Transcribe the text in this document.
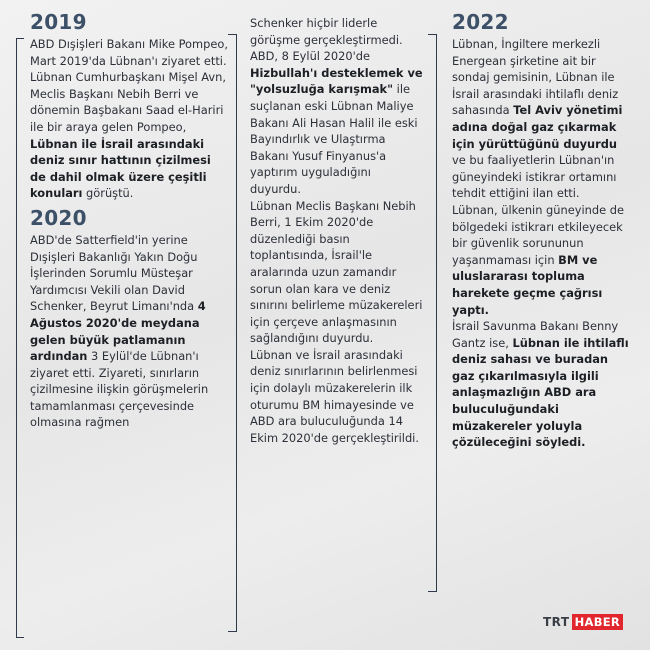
2019

ABD Dışişleri Bakanı Mike Pompeo, Mart 2019'da Lübnan'ı ziyaret etti. Lübnan Cumhurbaşkanı Mişel Avn, Meclis Başkanı Nebih Berri ve dönemin Başbakanı Saad el-Hariri ile bir araya gelen Pompeo, Lübnan ile İsrail arasındaki deniz sınır hattının çizilmesi de dahil olmak üzere çeşitli konuları görüştü.

2020

ABD'de Satterfield'in yerine Dışişleri Bakanlığı Yakın Doğu İşlerinden Sorumlu Müsteşar Yardımcısı Vekili olan David Schenker, Beyrut Limanı'nda 4 Ağustos 2020'de meydana gelen büyük patlamanın ardından 3 Eylül'de Lübnan'ı ziyaret etti. Ziyareti, sınırların çizilmesine ilişkin görüşmelerin tamamlanması çerçevesinde olmasına rağmen

Schenker hiçbir liderle görüşme gerçekleştirmedi.

ABD, 8 Eylül 2020'de Hizbullah'ı desteklemek ve "yolsuzluğa karışmak" ile suçlanan eski Lübnan Maliye Bakanı Ali Hasan Halil ile eski Bayındırlık ve Ulaştırma Bakanı Yusuf Finyanus'a yaptırım uyguladığını duyurdu.

Lübnan Meclis Başkanı Nebih Berri, 1 Ekim 2020'de düzenlediği basın toplantısında, İsrail'le aralarında uzun zamandır sorun olan kara ve deniz sınırını belirleme müzakereleri için çerçeve anlaşmasının sağlandığını duyurdu.

Lübnan ve İsrail arasındaki deniz sınırlarının belirlenmesi için dolaylı müzakerelerin ilk oturumu BM himayesinde ve ABD ara buluculuğunda 14 Ekim 2020'de gerçekleştirildi.

2022

Lübnan, İngiltere merkezli Energean şirketine ait bir sondaj gemisinin, Lübnan ile İsrail arasındaki ihtilaflı deniz sahasında Tel Aviv yönetimi adına doğal gaz çıkarmak için yürüttüğünü duyurdu ve bu faaliyetlerin Lübnan'ın güneyindeki istikrar ortamını tehdit ettiğini ilan etti.

Lübnan, ülkenin güneyinde de bölgedeki istikrarı etkileyecek bir güvenlik sorununun yaşanmaması için BM ve uluslararası topluma harekete geçme çağrısı yaptı.

İsrail Savunma Bakanı Benny Gantz ise, Lübnan ile ihtilaflı deniz sahası ve buradan gaz çıkarılmasıyla ilgili anlaşmazlığın ABD ara buluculuğundaki müzakereler yoluyla çözüleceğini söyledi.

TRT HABER
